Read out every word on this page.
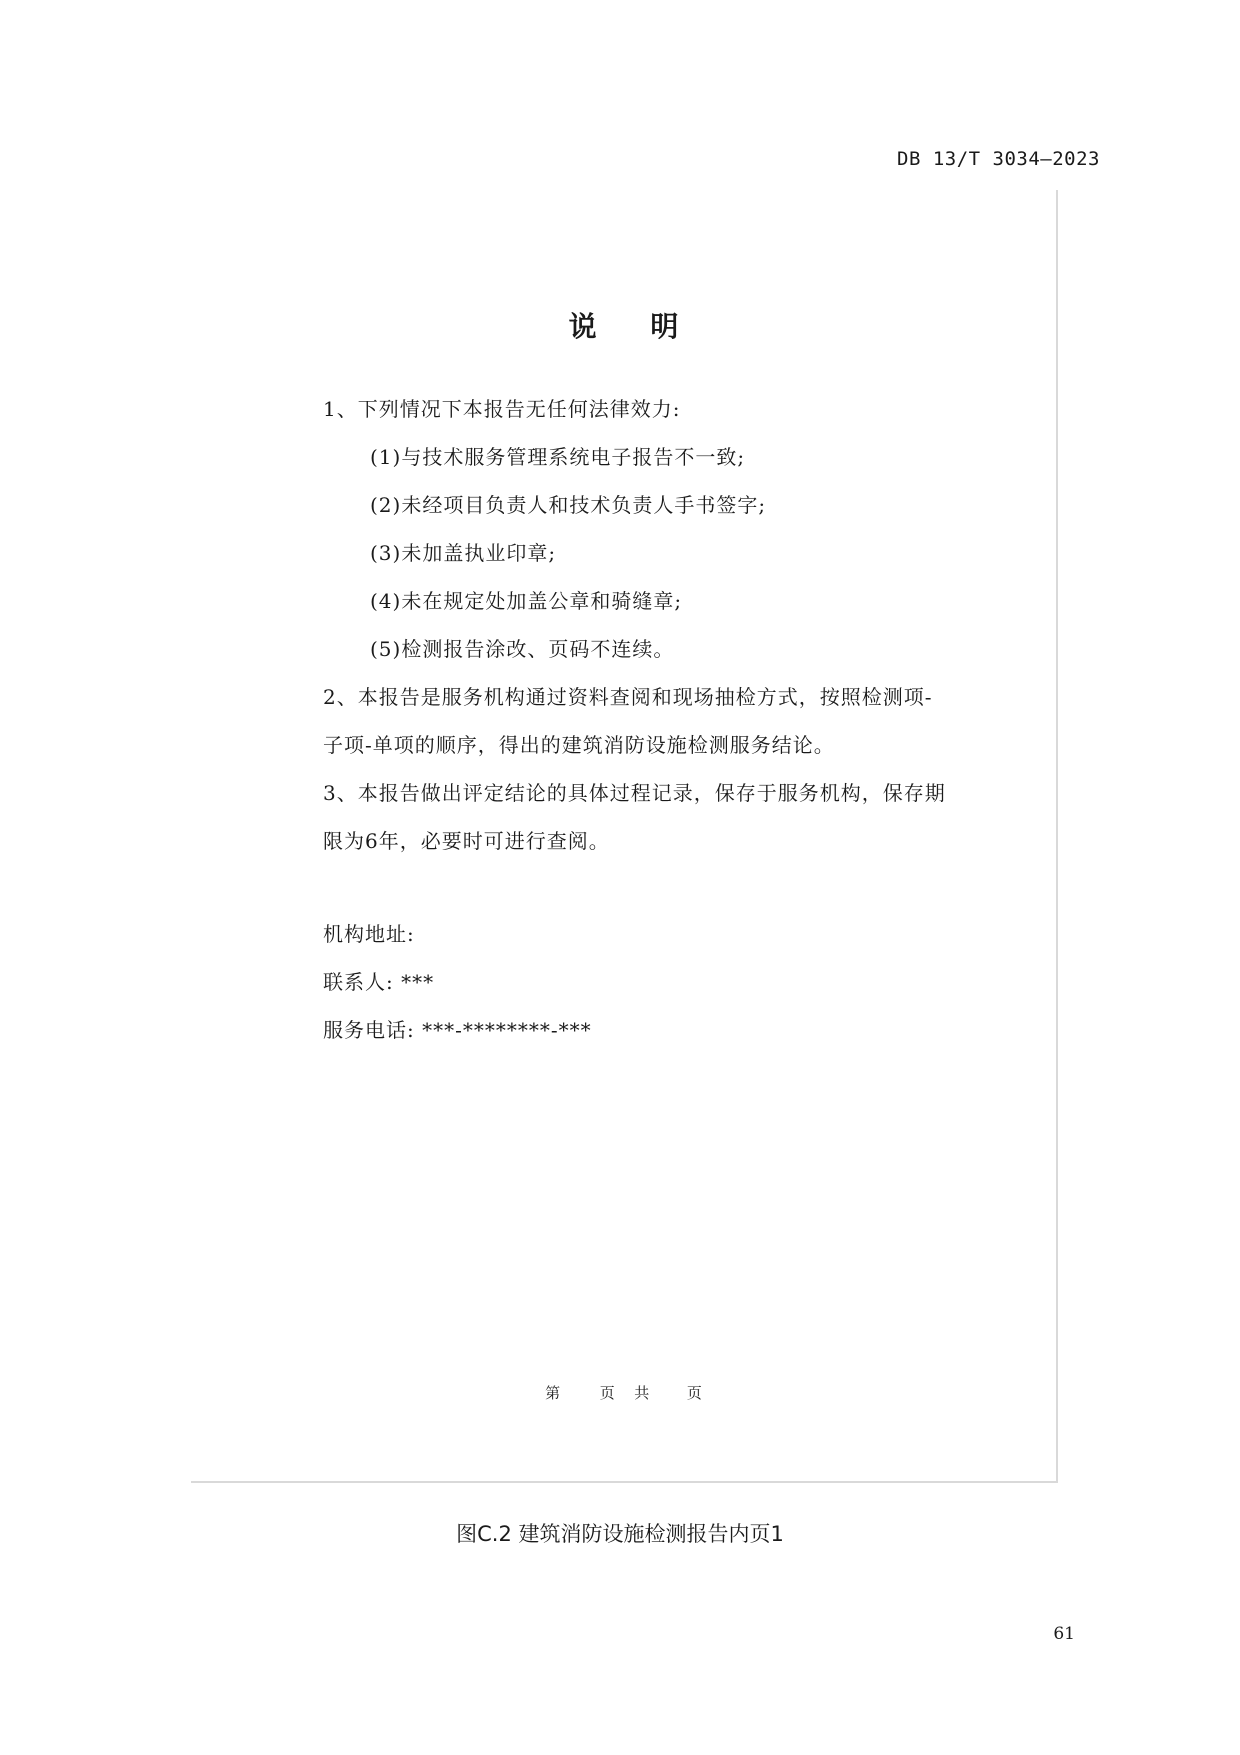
DB 13/T 3034—2023
说 明

1、下列情况下本报告无任何法律效力:

(1)与技术服务管理系统电子报告不一致;

(2)未经项目负责人和技术负责人手书签字;

(3)未加盖执业印章;

(4)未在规定处加盖公章和骑缝章;

(5)检测报告涂改、页码不连续。

2、本报告是服务机构通过资料查阅和现场抽检方式，按照检测项-子项-单项的顺序，得出的建筑消防设施检测服务结论。

3、本报告做出评定结论的具体过程记录，保存于服务机构，保存期限为6年，必要时可进行查阅。

机构地址:

联系人: ***

服务电话: ***-********-***

第	页 共	页
图C.2 建筑消防设施检测报告内页1
61
